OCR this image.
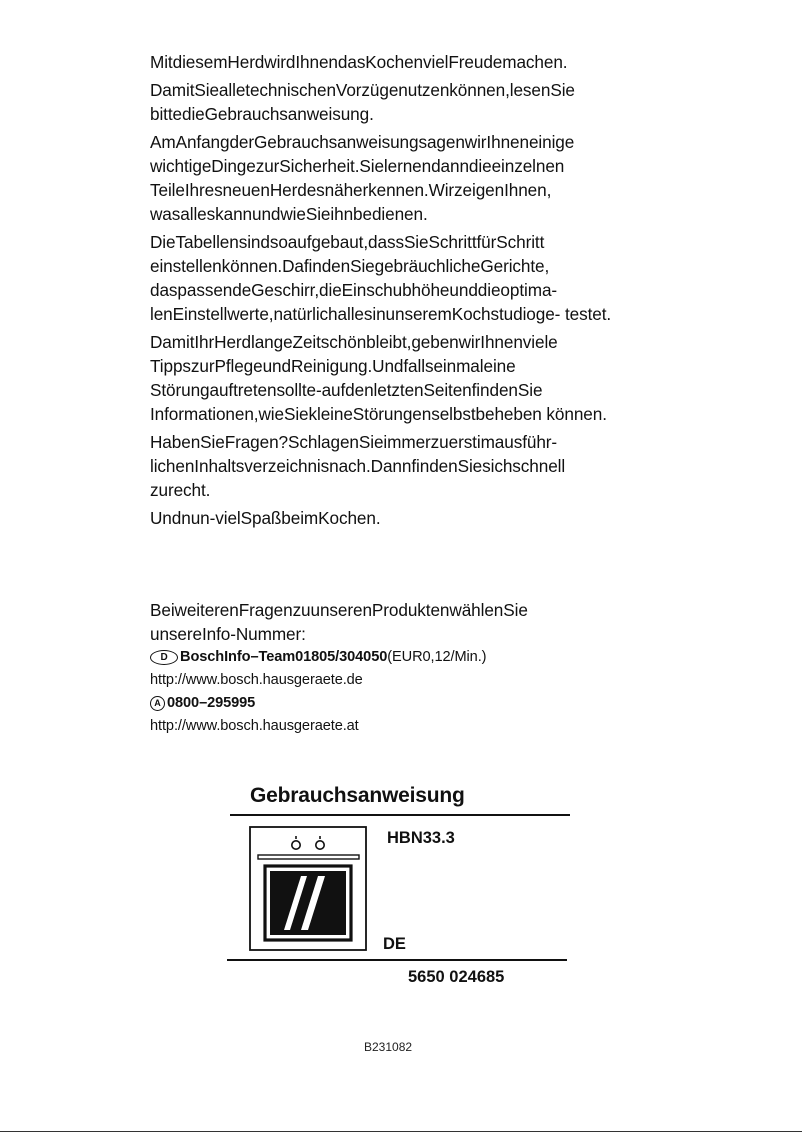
MitdiesemHerdwirdIhnendasKochenvielFreudemachen.

DamitSiealletechnischenVorzügenutzenkönnen,lesenSie bittedieGebrauchsanweisung.

AmAnfangderGebrauchsanweisungsagenwirIhneneinige wichtigeDingezurSicherheit.Sielernendanndieeinzelnen TeileIhresneuenHerdesnäherkennen.WirzeigenIhnen, wasalleskannundwieSieihnbedienen.

DieTabellensindsoaufgebaut,dassSieSchrittfürSchritt einstellenkönnen.DafindenSiegebräuchlicheGerichte, daspassendeGeschirr,dieEinschubhöheunddieoptima- lenEinstellwerte,natürlichallesinunseremKochstudioge- testet.

DamitIhrHerdlangeZeitschönbleibt,gebenwirIhnenviele TippszurPflegeundReinigung.Undfallseinmaleine Störungauftretensollte-aufdenletztenSeitenfindenSie Informationen,wieSiekleineStörungenselbstbeheben können.

HabenSieFragen?SchlagenSieimmerzuerstimausführ- lichenInhaltsverzeichnisnach.DannfindenSiesichschnell zurecht.

Undnun-vielSpaßbeimKochen.

BeiweiterenFragenzuunserenProduktenwählenSie unsereInfo-Nummer:

D BoschInfo–Team01805/304050 (EUR0,12/Min.)
http://www.bosch.hausgeraete.de
A 0800–295995
http://www.bosch.hausgeraete.at
Gebrauchsanweisung
HBN33.3
DE
5650 024685
B231082
